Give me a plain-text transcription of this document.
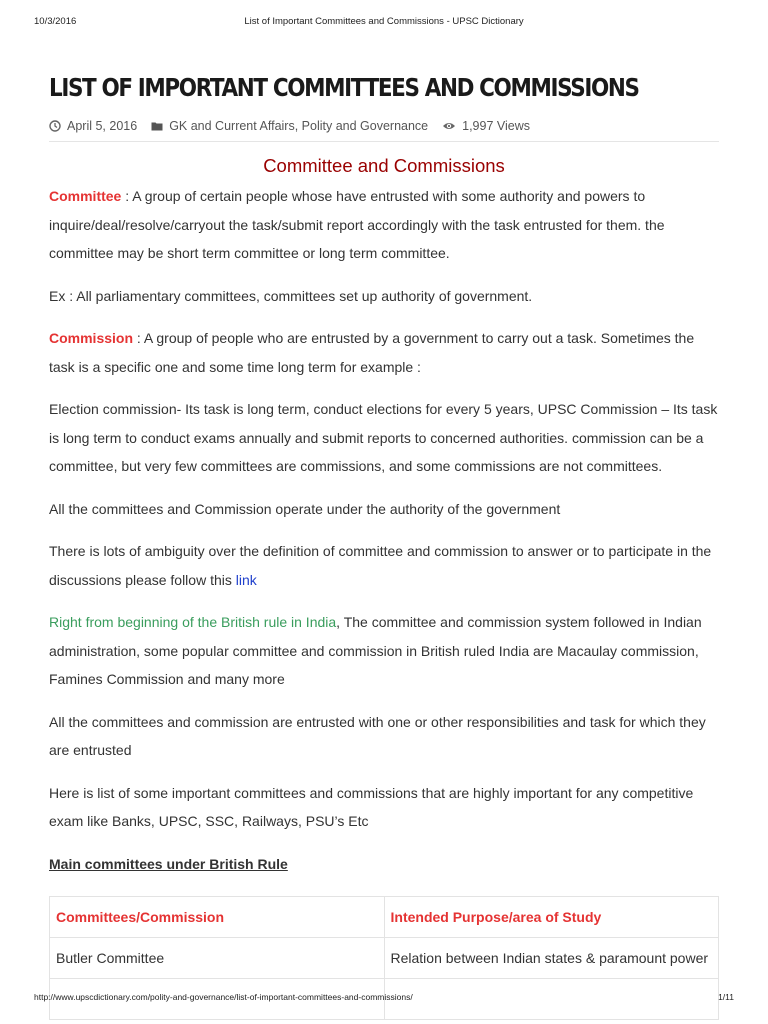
10/3/2016	List of Important Committees and Commissions - UPSC Dictionary
LIST OF IMPORTANT COMMITTEES AND COMMISSIONS
April 5, 2016	GK and Current Affairs, Polity and Governance	1,997 Views
Committee and Commissions

Committee : A group of certain people whose have entrusted with some authority and powers to inquire/deal/resolve/carryout the task/submit report accordingly with the task entrusted for them. the committee may be short term committee or long term committee.

Ex : All parliamentary committees, committees set up authority of government.

Commission : A group of people who are entrusted by a government to carry out a task. Sometimes the task is a specific one and some time long term for example :

Election commission- Its task is long term, conduct elections for every 5 years, UPSC Commission – Its task is long term to conduct exams annually and submit reports to concerned authorities. commission can be a committee, but very few committees are commissions, and some commissions are not committees.

All the committees and Commission operate under the authority of the government

There is lots of ambiguity over the definition of committee and commission to answer or to participate in the discussions please follow this link

Right from beginning of the British rule in India, The committee and commission system followed in Indian administration, some popular committee and commission in British ruled India are Macaulay commission, Famines Commission and many more

All the committees and commission are entrusted with one or other responsibilities and task for which they are entrusted

Here is list of some important committees and commissions that are highly important for any competitive exam like Banks, UPSC, SSC, Railways, PSU’s Etc

Main committees under British Rule
Committees/Commission	Intended Purpose/area of Study
Butler Committee	Relation between Indian states & paramount power

http://www.upscdictionary.com/polity-and-governance/list-of-important-committees-and-commissions/	1/11
